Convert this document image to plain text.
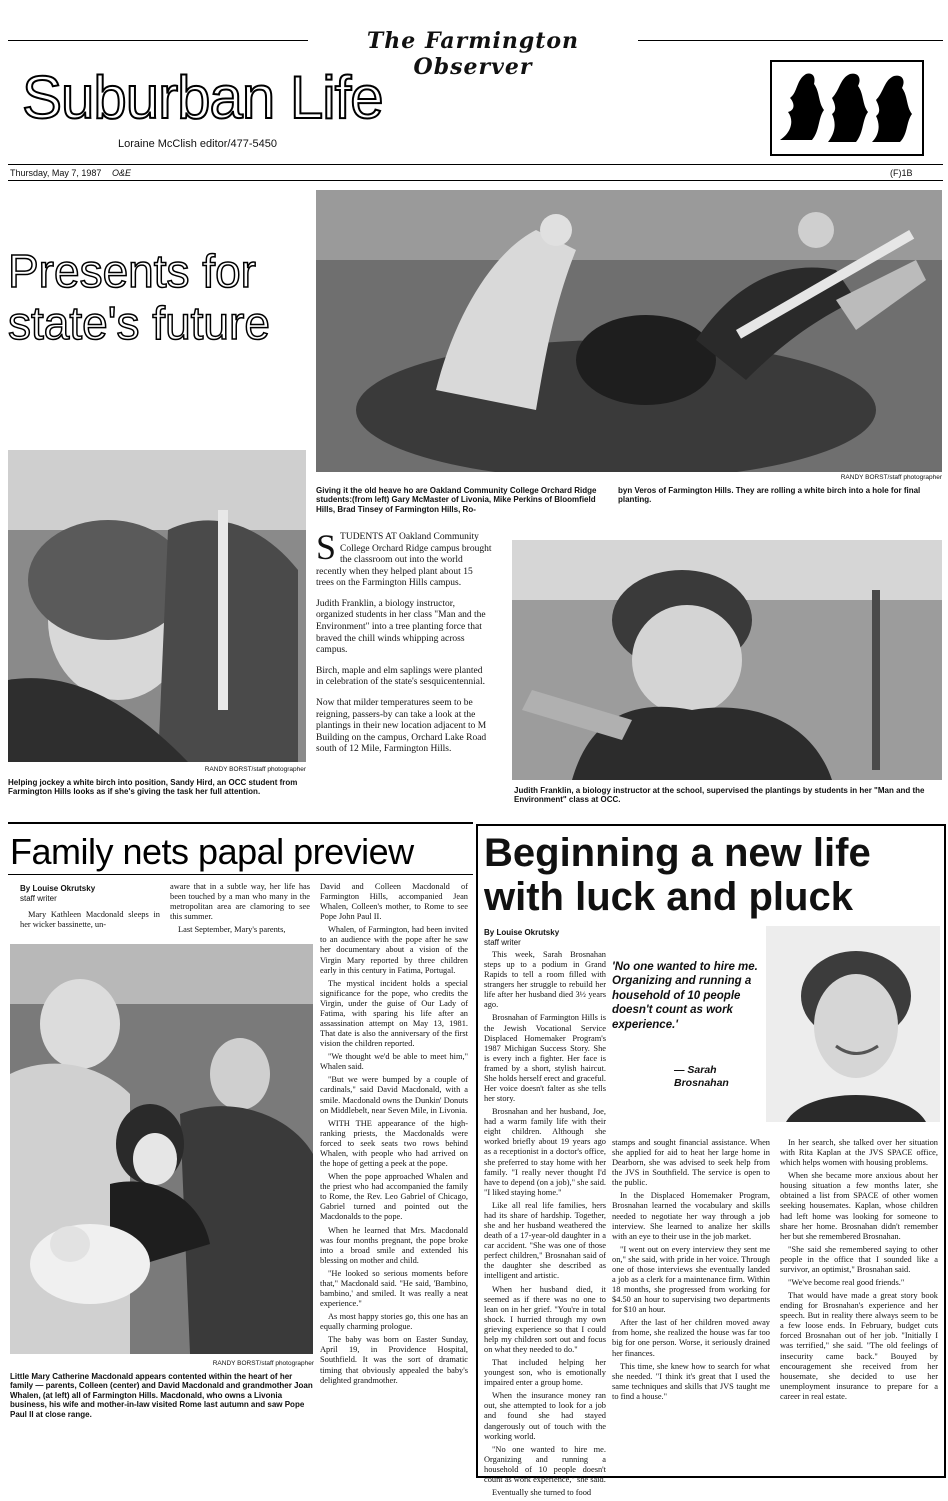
The Farmington Observer
Suburban Life
Loraine McClish editor/477-5450
Thursday, May 7, 1987 O&E	(F)1B
Presents for
state's future
RANDY BORST/staff photographer
Giving it the old heave ho are Oakland Community College Orchard Ridge students:(from left) Gary McMaster of Livonia, Mike Perkins of Bloomfield Hills, Brad Tinsey of Farmington Hills, Ro-
byn Veros of Farmington Hills. They are rolling a white birch into a hole for final planting.
RANDY BORST/staff photographer
Helping jockey a white birch into position, Sandy Hird, an OCC student from Farmington Hills looks as if she's giving the task her full attention.

STUDENTS AT Oakland Community College Orchard Ridge campus brought the classroom out into the world recently when they helped plant about 15 trees on the Farmington Hills campus.

Judith Franklin, a biology instructor, organized students in her class "Man and the Environment" into a tree planting force that braved the chill winds whipping across campus.

Birch, maple and elm saplings were planted in celebration of the state's sesquicentennial.

Now that milder temperatures seem to be reigning, passers-by can take a look at the plantings in their new location adjacent to M Building on the campus, Orchard Lake Road south of 12 Mile, Farmington Hills.

Judith Franklin, a biology instructor at the school, supervised the plantings by students in her "Man and the Environment" class at OCC.
Family nets papal preview
By Louise Okrutsky
staff writer

Mary Kathleen Macdonald sleeps in her wicker bassinette, un-

aware that in a subtle way, her life has been touched by a man who many in the metropolitan area are clamoring to see this summer.

Last September, Mary's parents,

David and Colleen Macdonald of Farmington Hills, accompanied Jean Whalen, Colleen's mother, to Rome to see Pope John Paul II.

Whalen, of Farmington, had been invited to an audience with the pope after he saw her documentary about a vision of the Virgin Mary reported by three children early in this century in Fatima, Portugal.

The mystical incident holds a special significance for the pope, who credits the Virgin, under the guise of Our Lady of Fatima, with sparing his life after an assassination attempt on May 13, 1981. That date is also the anniversary of the first vision the children reported.

"We thought we'd be able to meet him," Whalen said.

"But we were bumped by a couple of cardinals," said David Macdonald, with a smile. Macdonald owns the Dunkin' Donuts on Middlebelt, near Seven Mile, in Livonia.

WITH THE appearance of the high-ranking priests, the Macdonalds were forced to seek seats two rows behind Whalen, with people who had arrived on the hope of getting a peek at the pope.

When the pope approached Whalen and the priest who had accompanied the family to Rome, the Rev. Leo Gabriel of Chicago, Gabriel turned and pointed out the Macdonalds to the pope.

When he learned that Mrs. Macdonald was four months pregnant, the pope broke into a broad smile and extended his blessing on mother and child.

"He looked so serious moments before that," Macdonald said. "He said, 'Bambino, bambino,' and smiled. It was really a neat experience."

As most happy stories go, this one has an equally charming prologue.

The baby was born on Easter Sunday, April 19, in Providence Hospital, Southfield. It was the sort of dramatic timing that obviously appealed the baby's delighted grandmother.

RANDY BORST/staff photographer
Little Mary Catherine Macdonald appears contented within the heart of her family — parents, Colleen (center) and David Macdonald and grandmother Joan Whalen, (at left) all of Farmington Hills. Macdonald, who owns a Livonia business, his wife and mother-in-law visited Rome last autumn and saw Pope Paul II at close range.
Beginning a new life
with luck and pluck
By Louise Okrutsky
staff writer

This week, Sarah Brosnahan steps up to a podium in Grand Rapids to tell a room filled with strangers her struggle to rebuild her life after her husband died 3½ years ago.

Brosnahan of Farmington Hills is the Jewish Vocational Service Displaced Homemaker Program's 1987 Michigan Success Story. She is every inch a fighter. Her face is framed by a short, stylish haircut. She holds herself erect and graceful. Her voice doesn't falter as she tells her story.

Brosnahan and her husband, Joe, had a warm family life with their eight children. Although she worked briefly about 19 years ago as a receptionist in a doctor's office, she preferred to stay home with her family. "I really never thought I'd have to depend (on a job)," she said. "I liked staying home."

Like all real life families, hers had its share of hardship. Together, she and her husband weathered the death of a 17-year-old daughter in a car accident. "She was one of those perfect children," Brosnahan said of the daughter she described as intelligent and artistic.

When her husband died, it seemed as if there was no one to lean on in her grief. "You're in total shock. I hurried through my own grieving experience so that I could help my children sort out and focus on what they needed to do."

That included helping her youngest son, who is emotionally impaired enter a group home.

When the insurance money ran out, she attempted to look for a job and found she had stayed dangerously out of touch with the working world.

"No one wanted to hire me. Organizing and running a household of 10 people doesn't count as work experience," she said.

Eventually she turned to food

'No one wanted to hire me. Organizing and running a household of 10 people doesn't count as work experience.'
— Sarah Brosnahan

stamps and sought financial assistance. When she applied for aid to heat her large home in Dearborn, she was advised to seek help from the JVS in Southfield. The service is open to the public.

In the Displaced Homemaker Program, Brosnahan learned the vocabulary and skills needed to negotiate her way through a job interview. She learned to analize her skills with an eye to their use in the job market.

"I went out on every interview they sent me on," she said, with pride in her voice. Through one of those interviews she eventually landed a job as a clerk for a maintenance firm. Within 18 months, she progressed from working for $4.50 an hour to supervising two departments for $10 an hour.

After the last of her children moved away from home, she realized the house was far too big for one person. Worse, it seriously drained her finances.

This time, she knew how to search for what she needed. "I think it's great that I used the same techniques and skills that JVS taught me to find a house."

In her search, she talked over her situation with Rita Kaplan at the JVS SPACE office, which helps women with housing problems.

When she became more anxious about her housing situation a few months later, she obtained a list from SPACE of other women seeking housemates. Kaplan, whose children had left home was looking for someone to share her home. Brosnahan didn't remember her but she remembered Brosnahan.

"She said she remembered saying to other people in the office that I sounded like a survivor, an optimist," Brosnahan said.

"We've become real good friends."

That would have made a great story book ending for Brosnahan's experience and her speech. But in reality there always seem to be a few loose ends. In February, budget cuts forced Brosnahan out of her job. "Initially I was terrified," she said. "The old feelings of insecurity came back." Bouyed by encouragement she received from her housemate, she decided to use her unemployment insurance to prepare for a career in real estate.
